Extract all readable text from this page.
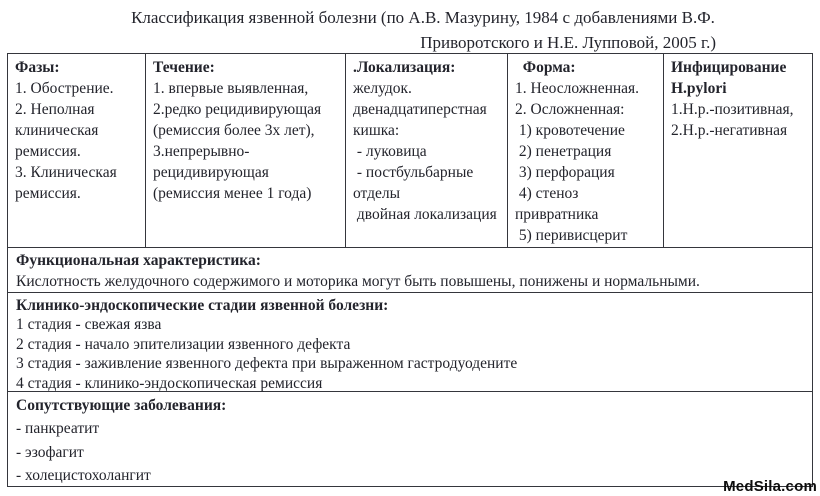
Классификация язвенной болезни (по А.В. Мазурину, 1984 с добавлениями В.Ф.
Приворотского и Н.Е. Лупповой, 2005 г.)
Фазы:
1. Обострение.
2. Неполная
клиническая
ремиссия.
3. Клиническая
ремиссия.
Течение:
1. впервые выявленная,
2.редко рецидивирующая
(ремиссия более 3х лет),
3.непрерывно-
рецидивирующая
(ремиссия менее 1 года)
.Локализация:
желудок.
двенадцатиперстная
кишка:
- луковица
- постбульбарные
отделы
двойная локализация
Форма:
1. Неосложненная.
2. Осложненная:
1) кровотечение
2) пенетрация
3) перфорация
4) стеноз
привратника
5) перивисцерит
Инфицирование
H.pylori
1.Н.р.-позитивная,
2.Н.р.-негативная
Функциональная характеристика:
Кислотность желудочного содержимого и моторика могут быть повышены, понижены и нормальными.
Клинико-эндоскопические стадии язвенной болезни:
1 стадия - свежая язва
2 стадия - начало эпителизации язвенного дефекта
3 стадия - заживление язвенного дефекта при выраженном гастродуодените
4 стадия - клинико-эндоскопическая ремиссия
Сопутствующие заболевания:
- панкреатит
- эзофагит
- холецистохолангит
MedSila.com
